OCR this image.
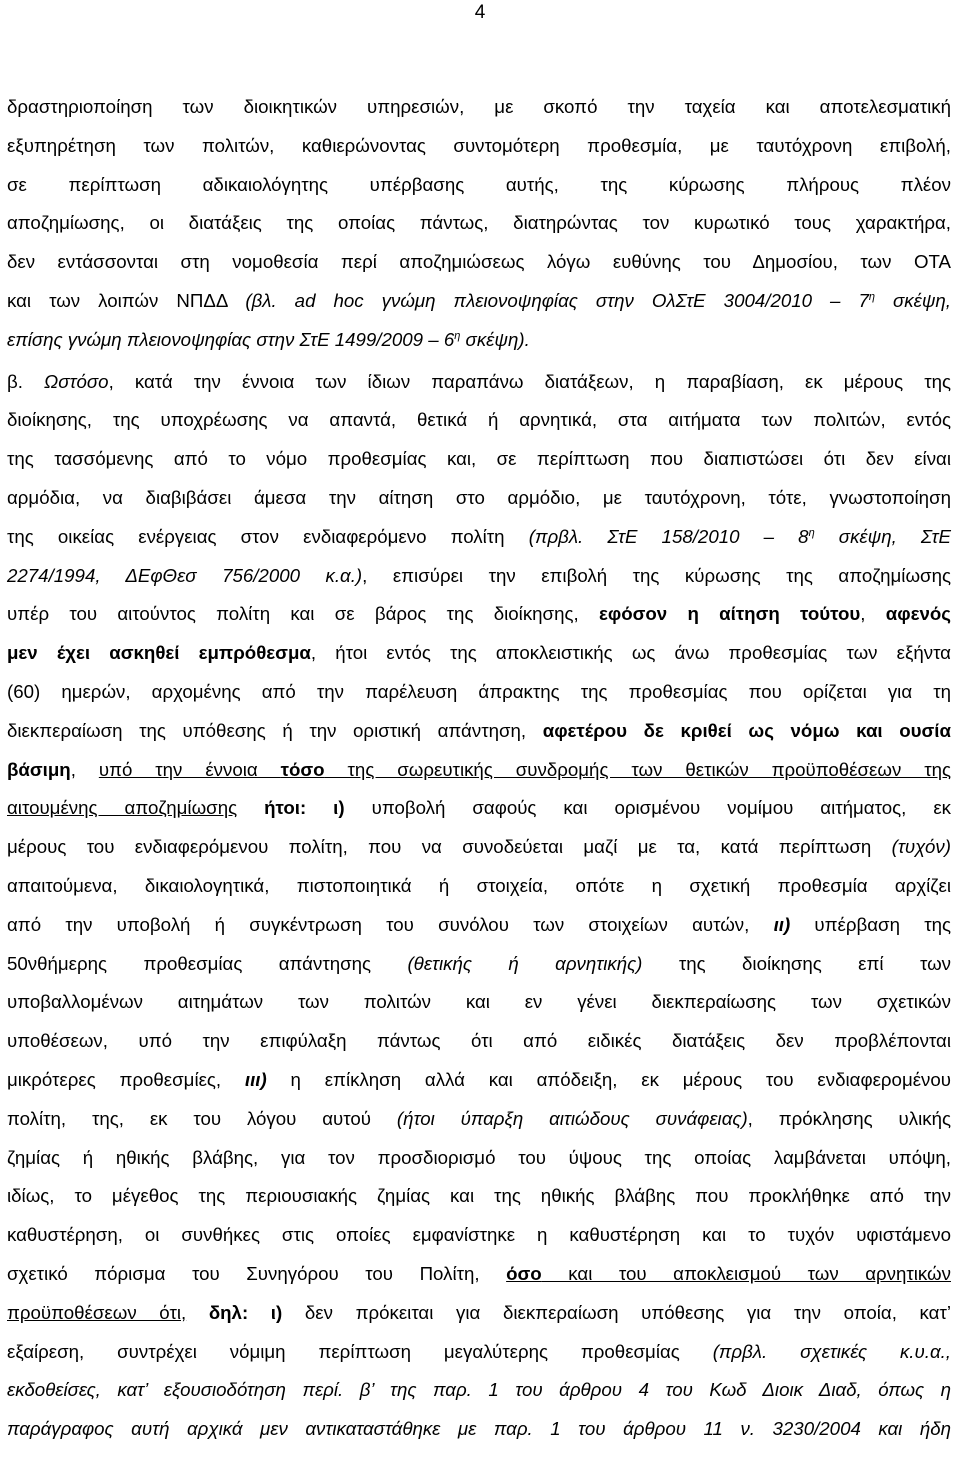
4

δραστηριοποίηση των διοικητικών υπηρεσιών, με σκοπό την ταχεία και αποτελεσματική
εξυπηρέτηση των πολιτών, καθιερώνοντας συντομότερη προθεσμία, με ταυτόχρονη επιβολή,
σε περίπτωση αδικαιολόγητης υπέρβασης αυτής, της κύρωσης πλήρους πλέον
αποζημίωσης, οι διατάξεις της οποίας πάντως, διατηρώντας τον κυρωτικό τους χαρακτήρα,
δεν εντάσσονται στη νομοθεσία περί αποζημιώσεως λόγω ευθύνης του Δημοσίου, των ΟΤΑ
και των λοιπών ΝΠΔΔ (βλ. ad hoc γνώμη πλειονοψηφίας στην ΟλΣτΕ $3004/2010 - 7^\eta$ σκέψη,
επίσης γνώμη πλειονοψηφίας στην ΣτΕ $1499/2009 - 6^\eta$ σκέψη).

β. Ωστόσο, κατά την έννοια των ίδιων παραπάνω διατάξεων, η παραβίαση, εκ μέρους της
διοίκησης, της υποχρέωσης να απαντά, θετικά ή αρνητικά, στα αιτήματα των πολιτών, εντός
της τασσόμενης από το νόμο προθεσμίας και, σε περίπτωση που διαπιστώσει ότι δεν είναι
αρμόδια, να διαβιβάσει άμεσα την αίτηση στο αρμόδιο, με ταυτόχρονη, τότε, γνωστοποίηση
της οικείας ενέργειας στον ενδιαφερόμενο πολίτη (πρβλ. ΣτΕ $158/2010 - 8^\eta$ σκέψη, ΣτΕ
2274/1994, ΔΕφΘεσ 756/2000 κ.α.), επισύρει την επιβολή της κύρωσης της αποζημίωσης
υπέρ του αιτούντος πολίτη και σε βάρος της διοίκησης, εφόσον η αίτηση τούτου, αφενός
μεν έχει ασκηθεί εμπρόθεσμα, ήτοι εντός της αποκλειστικής ως άνω προθεσμίας των εξήντα
(60) ημερών, αρχομένης από την παρέλευση άπρακτης της προθεσμίας που ορίζεται για τη
διεκπεραίωση της υπόθεσης ή την οριστική απάντηση, αφετέρου δε κριθεί ως νόμω και ουσία
βάσιμη, υπό την έννοια τόσο της σωρευτικής συνδρομής των θετικών προϋποθέσεων της
αιτουμένης αποζημίωσης ήτοι: ι) υποβολή σαφούς και ορισμένου νομίμου αιτήματος, εκ
μέρους του ενδιαφερόμενου πολίτη, που να συνοδεύεται μαζί με τα, κατά περίπτωση (τυχόν)
απαιτούμενα, δικαιολογητικά, πιστοποιητικά ή στοιχεία, οπότε η σχετική προθεσμία αρχίζει
από την υποβολή ή συγκέντρωση του συνόλου των στοιχείων αυτών, ιι) υπέρβαση της
50νθήμερης προθεσμίας απάντησης (θετικής ή αρνητικής) της διοίκησης επί των
υποβαλλομένων αιτημάτων των πολιτών και εν γένει διεκπεραίωσης των σχετικών
υποθέσεων, υπό την επιφύλαξη πάντως ότι από ειδικές διατάξεις δεν προβλέπονται
μικρότερες προθεσμίες, ιιι) η επίκληση αλλά και απόδειξη, εκ μέρους του ενδιαφερομένου
πολίτη, της, εκ του λόγου αυτού (ήτοι ύπαρξη αιτιώδους συνάφειας), πρόκλησης υλικής
ζημίας ή ηθικής βλάβης, για τον προσδιορισμό του ύψους της οποίας λαμβάνεται υπόψη,
ιδίως, το μέγεθος της περιουσιακής ζημίας και της ηθικής βλάβης που προκλήθηκε από την
καθυστέρηση, οι συνθήκες στις οποίες εμφανίστηκε η καθυστέρηση και το τυχόν υφιστάμενο
σχετικό πόρισμα του Συνηγόρου του Πολίτη, όσο και του αποκλεισμού των αρνητικών
προϋποθέσεων ότι, δηλ: ι) δεν πρόκειται για διεκπεραίωση υπόθεσης για την οποία, κατ’
εξαίρεση, συντρέχει νόμιμη περίπτωση μεγαλύτερης προθεσμίας (πρβλ. σχετικές κ.υ.α.,
εκδοθείσες, κατ’ εξουσιοδότηση περί. β’ της παρ. 1 του άρθρου 4 του Κωδ Διοικ Διαδ, όπως η
παράγραφος αυτή αρχικά μεν αντικαταστάθηκε με παρ. 1 του άρθρου 11 ν. 3230/2004 και ήδη
